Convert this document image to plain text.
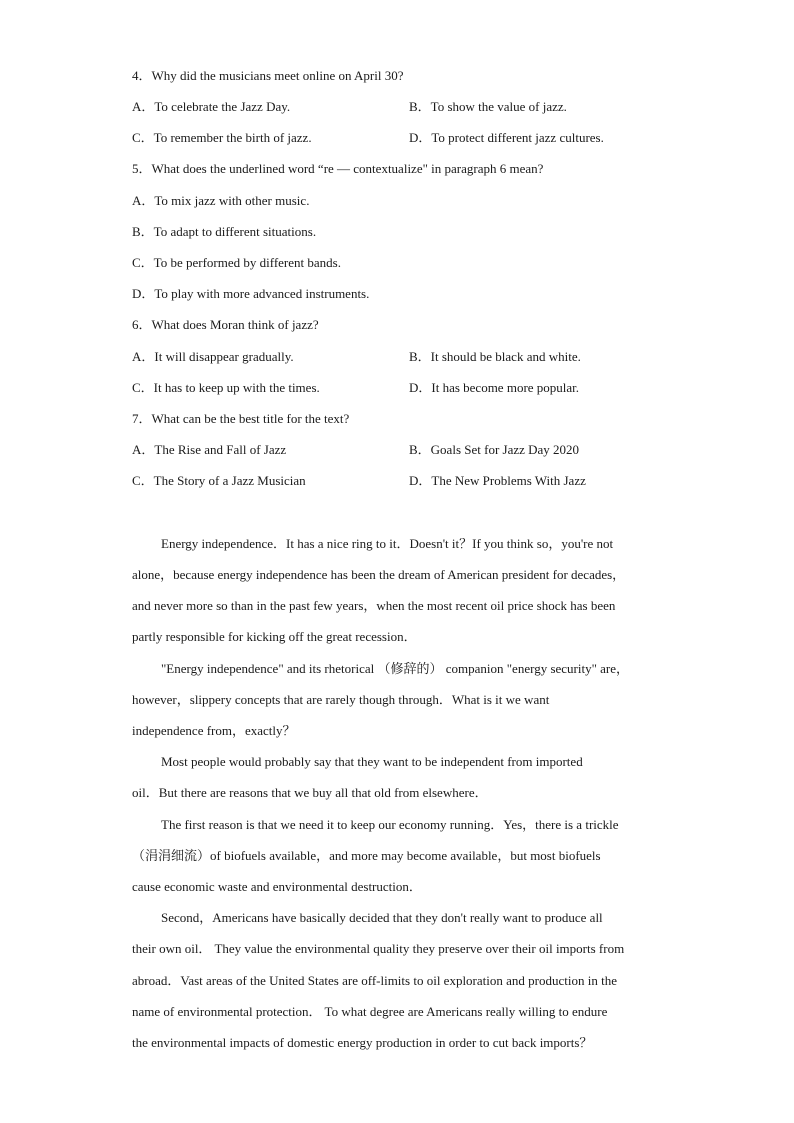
4．Why did the musicians meet online on April 30?
A．To celebrate the Jazz Day.	B．To show the value of jazz.
C．To remember the birth of jazz.	D．To protect different jazz cultures.
5．What does the underlined word “re — contextualize" in paragraph 6 mean?
A．To mix jazz with other music.
B．To adapt to different situations.
C．To be performed by different bands.
D．To play with more advanced instruments.
6．What does Moran think of jazz?
A．It will disappear gradually.	B．It should be black and white.
C．It has to keep up with the times.	D．It has become more popular.
7．What can be the best title for the text?
A．The Rise and Fall of Jazz	B．Goals Set for Jazz Day 2020
C．The Story of a Jazz Musician	D．The New Problems With Jazz
Energy independence．It has a nice ring to it．Doesn't it？If you think so，you're not
alone，because energy independence has been the dream of American president for decades，
and never more so than in the past few years，when the most recent oil price shock has been
partly responsible for kicking off the great recession．
"Energy independence" and its rhetorical （修辞的） companion "energy security" are，
however，slippery concepts that are rarely though through．What is it we want
independence from，exactly？
Most people would probably say that they want to be independent from imported
oil．But there are reasons that we buy all that old from elsewhere．
The first reason is that we need it to keep our economy running．Yes，there is a trickle
（涓涓细流）of biofuels available，and more may become available，but most biofuels
cause economic waste and environmental destruction．
Second，Americans have basically decided that they don't really want to produce all
their own oil． They value the environmental quality they preserve over their oil imports from
abroad．Vast areas of the United States are off-limits to oil exploration and production in the
name of environmental protection． To what degree are Americans really willing to endure
the environmental impacts of domestic energy production in order to cut back imports？
